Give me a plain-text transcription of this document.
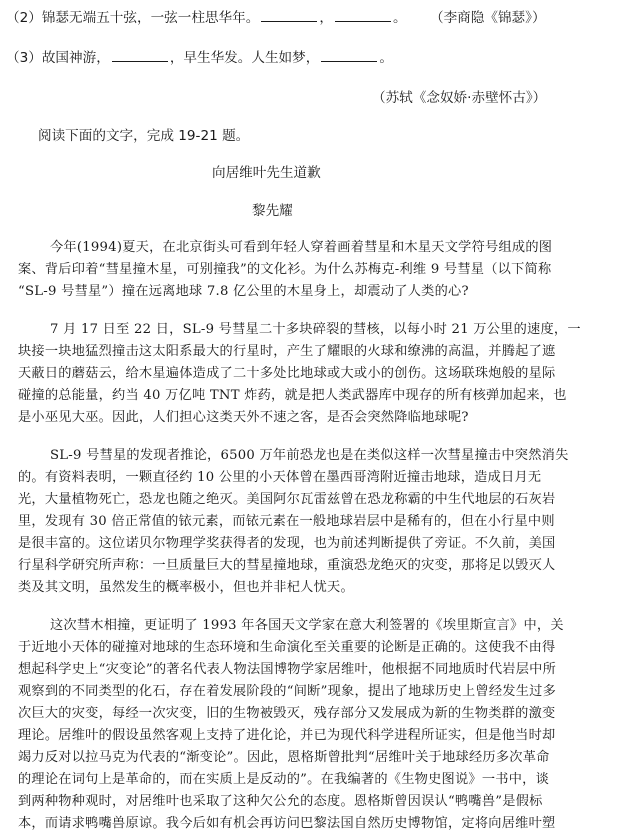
（2）锦瑟无端五十弦，一弦一柱思华年。	，	。 （李商隐《锦瑟》）
（3）故国神游，	，早生华发。人生如梦，	。
（苏轼《念奴娇·赤壁怀古》）
阅读下面的文字，完成 19-21 题。
向居维叶先生道歉
黎先耀
今年(1994)夏天，在北京街头可看到年轻人穿着画着彗星和木星天文学符号组成的图
案、背后印着“彗星撞木星，可别撞我”的文化衫。为什么苏梅克-利维 9 号彗星（以下简称
“SL-9 号彗星”）撞在远离地球 7.8 亿公里的木星身上，却震动了人类的心?
7 月 17 日至 22 日，SL-9 号彗星二十多块碎裂的彗核，以每小时 21 万公里的速度，一
块接一块地猛烈撞击这太阳系最大的行星时，产生了耀眼的火球和缭沸的高温，并腾起了遮
天蔽日的蘑菇云，给木星遍体造成了二十多处比地球或大或小的创伤。这场联珠炮般的星际
碰撞的总能量，约当 40 万亿吨 TNT 炸药，就是把人类武器库中现存的所有核弹加起来，也
是小巫见大巫。因此，人们担心这类天外不速之客，是否会突然降临地球呢?
SL-9 号彗星的发现者推论，6500 万年前恐龙也是在类似这样一次彗星撞击中突然消失
的。有资料表明，一颗直径约 10 公里的小天体曾在墨西哥湾附近撞击地球，造成日月无
光，大量植物死亡，恐龙也随之绝灭。美国阿尔瓦雷兹曾在恐龙称霸的中生代地层的石灰岩
里，发现有 30 倍正常值的铱元素，而铱元素在一般地球岩层中是稀有的，但在小行星中则
是很丰富的。这位诺贝尔物理学奖获得者的发现，也为前述判断提供了旁证。不久前，美国
行星科学研究所声称：一旦质量巨大的彗星撞地球，重演恐龙绝灭的灾变，那将足以毁灭人
类及其文明，虽然发生的概率极小，但也并非杞人忧天。
这次彗木相撞，更证明了 1993 年各国天文学家在意大利签署的《埃里斯宣言》中，关
于近地小天体的碰撞对地球的生态环境和生命演化至关重要的论断是正确的。这使我不由得
想起科学史上“灾变论”的著名代表人物法国博物学家居维叶，他根据不同地质时代岩层中所
观察到的不同类型的化石，存在着发展阶段的“间断”现象，提出了地球历史上曾经发生过多
次巨大的灾变，每经一次灾变，旧的生物被毁灭，残存部分又发展成为新的生物类群的激变
理论。居维叶的假设虽然客观上支持了进化论，并已为现代科学进程所证实，但是他当时却
竭力反对以拉马克为代表的“渐变论”。因此，恩格斯曾批判“居维叶关于地球经历多次革命
的理论在词句上是革命的，而在实质上是反动的”。在我编著的《生物史图说》一书中，谈
到两种物种观时，对居维叶也采取了这种欠公允的态度。恩格斯曾因误认“鸭嘴兽”是假标
本，而请求鸭嘴兽原谅。我今后如有机会再访问巴黎法国自然历史博物馆，定将向居维叶塑
